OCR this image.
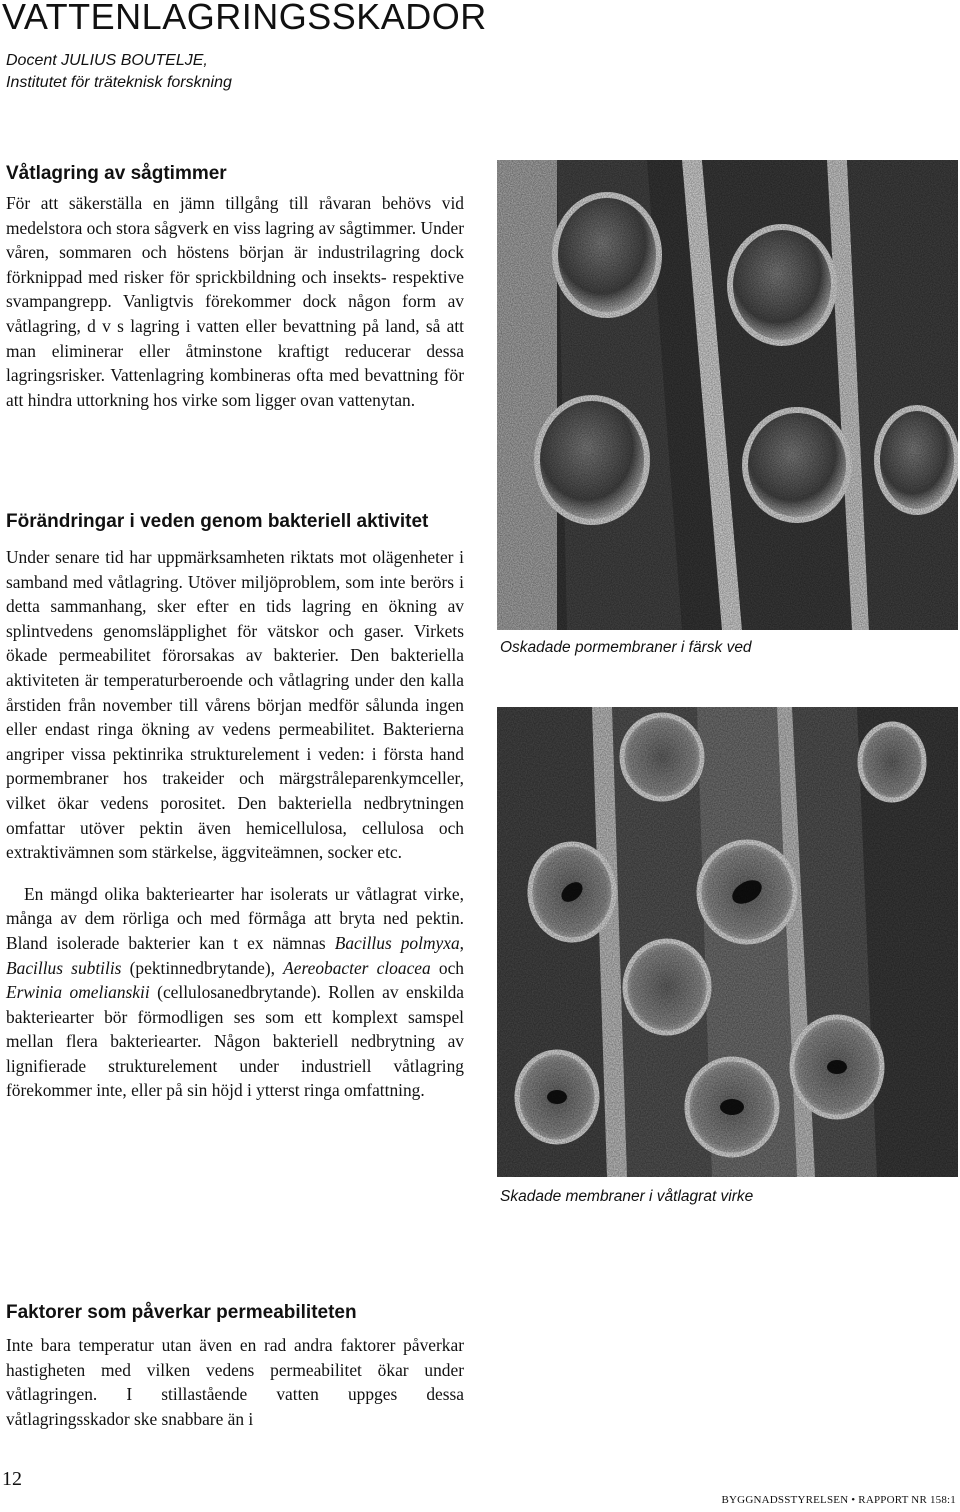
VATTENLAGRINGSSKADOR
Docent JULIUS BOUTELJE,
Institutet för träteknisk forskning
Våtlagring av sågtimmer

För att säkerställa en jämn tillgång till råvaran behövs vid medelstora och stora sågverk en viss lagring av sågtimmer. Under våren, sommaren och höstens början är industrilagring dock förknippad med risker för sprickbildning och insekts- respektive svampangrepp. Vanligtvis förekommer dock någon form av våtlagring, d v s lagring i vatten eller bevattning på land, så att man eliminerar eller åtminstone kraftigt reducerar dessa lagringsrisker. Vattenlagring kombineras ofta med bevattning för att hindra uttorkning hos virke som ligger ovan vattenytan.

Förändringar i veden genom bakteriell aktivitet

Under senare tid har uppmärksamheten riktats mot olägenheter i samband med våtlagring. Utöver miljöproblem, som inte berörs i detta sammanhang, sker efter en tids lagring en ökning av splintvedens genomsläpplighet för vätskor och gaser. Virkets ökade permeabilitet förorsakas av bakterier. Den bakteriella aktiviteten är temperaturberoende och våtlagring under den kalla årstiden från november till vårens början medför sålunda ingen eller endast ringa ökning av vedens permeabilitet. Bakterierna angriper vissa pektinrika strukturelement i veden: i första hand pormembraner hos trakeider och märgstråleparenkymceller, vilket ökar vedens porositet. Den bakteriella nedbrytningen omfattar utöver pektin även hemicellulosa, cellulosa och extraktivämnen som stärkelse, äggviteämnen, socker etc.

En mängd olika bakteriearter har isolerats ur våtlagrat virke, många av dem rörliga och med förmåga att bryta ned pektin. Bland isolerade bakterier kan t ex nämnas Bacillus polmyxa, Bacillus subtilis (pektinnedbrytande), Aereobacter cloacea och Erwinia omelianskii (cellulosanedbrytande). Rollen av enskilda bakteriearter bör förmodligen ses som ett komplext samspel mellan flera bakteriearter. Någon bakteriell nedbrytning av lignifierade strukturelement under industriell våtlagring förekommer inte, eller på sin höjd i ytterst ringa omfattning.

Faktorer som påverkar permeabiliteten

Inte bara temperatur utan även en rad andra faktorer påverkar hastigheten med vilken vedens permeabilitet ökar under våtlagringen. I stillastående vatten uppges dessa våtlagringsskador ske snabbare än i

Oskadade pormembraner i färsk ved
Skadade membraner i våtlagrat virke
12
BYGGNADSSTYRELSEN • RAPPORT NR 158:1
